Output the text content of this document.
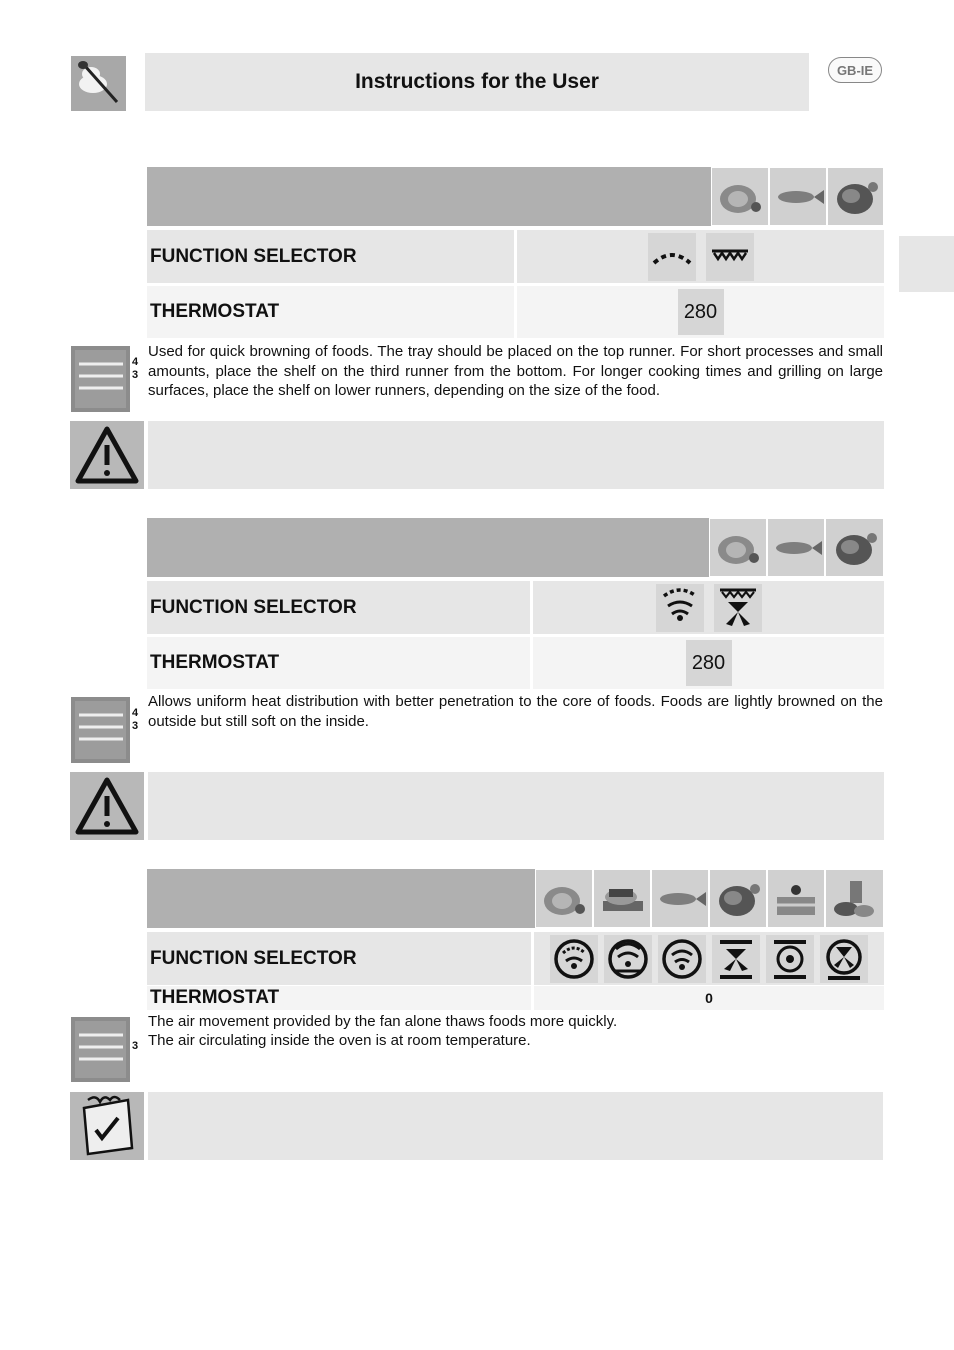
Instructions for the User	GB-IE
FUNCTION SELECTOR
THERMOSTAT	280
4
3
Used for quick browning of foods. The tray should be placed on the top runner. For short processes and small amounts, place the shelf on the third runner from the bottom. For longer cooking times and grilling on large surfaces, place the shelf on lower runners, depending on the size of the food.
FUNCTION SELECTOR
THERMOSTAT	280
4
3
Allows uniform heat distribution with better penetration to the core of foods. Foods are lightly browned on the outside but still soft on the inside.
FUNCTION SELECTOR
THERMOSTAT	0
3
The air movement provided by the fan alone thaws foods more quickly.
The air circulating inside the oven is at room temperature.
